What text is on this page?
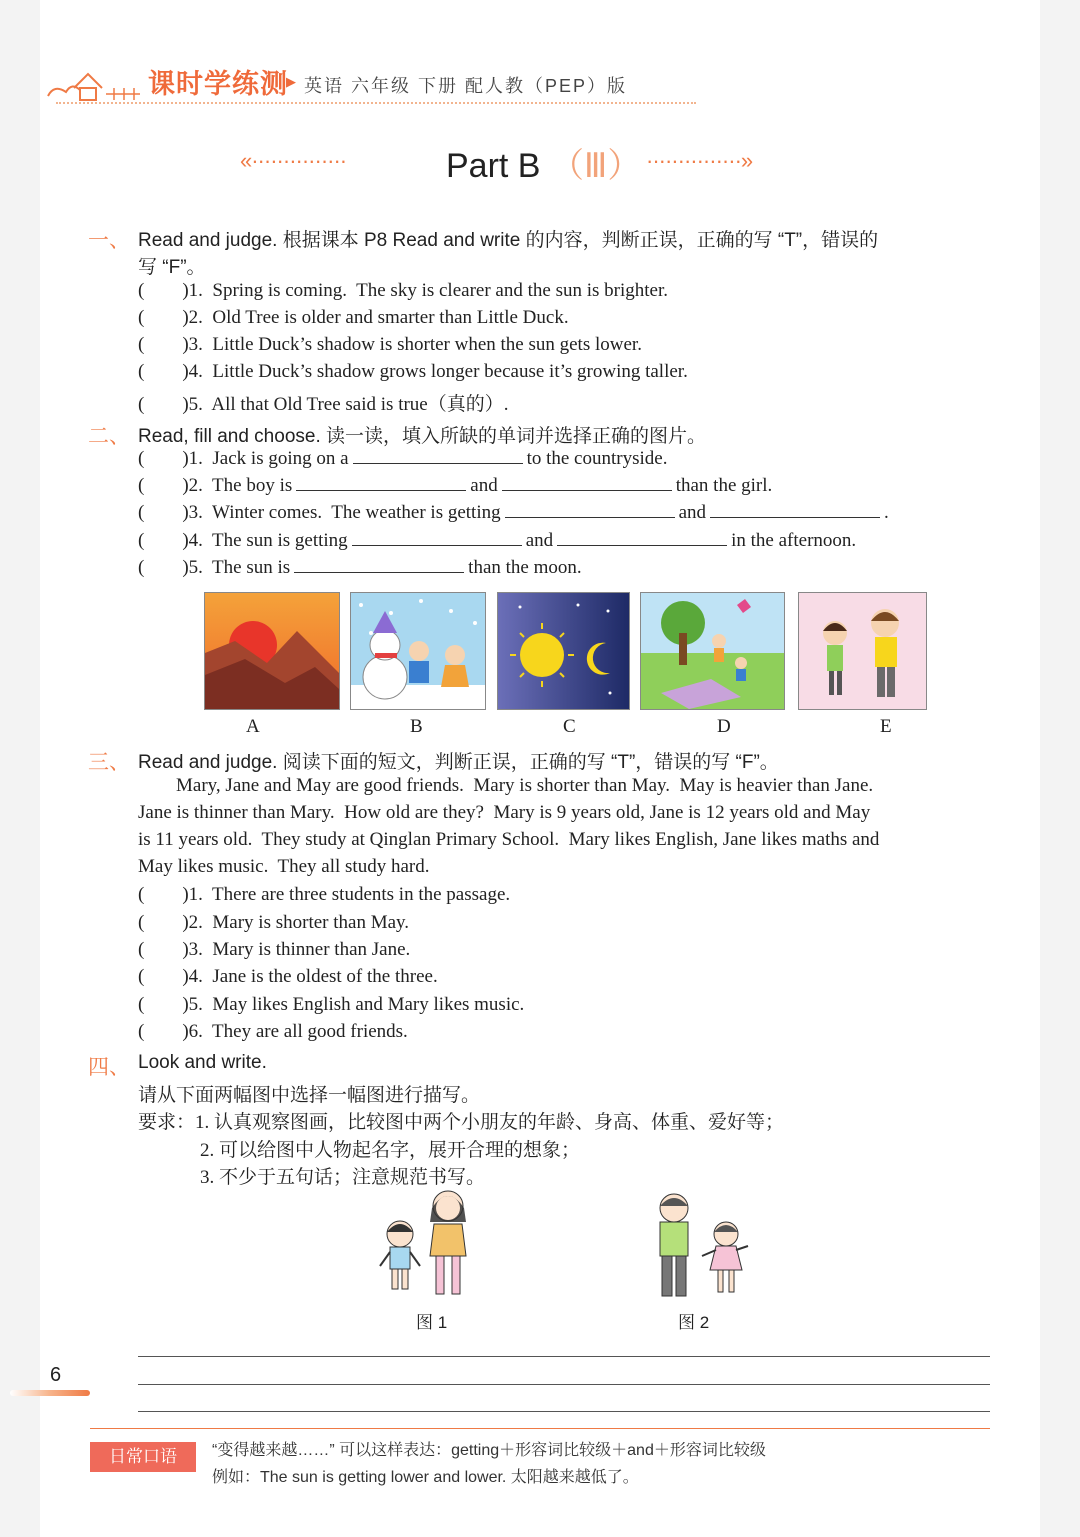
课时学练测
▶ 英语 六年级 下册 配人教（PEP）版
«···············	Part B （Ⅲ） ···············»
一、 Read and judge. 根据课本 P8 Read and write 的内容，判断正误，正确的写 “T”，错误的
写 “F”。
(        )1.  Spring is coming.  The sky is clearer and the sun is brighter.
(        )2.  Old Tree is older and smarter than Little Duck.
(        )3.  Little Duck’s shadow is shorter when the sun gets lower.
(        )4.  Little Duck’s shadow grows longer because it’s growing taller.
(        )5.  All that Old Tree said is true（真的）.
二、 Read, fill and choose. 读一读，填入所缺的单词并选择正确的图片。
(        )1.  Jack is going on a	to the countryside.
(        )2.  The boy is	and	than the girl.
(        )3.  Winter comes.  The weather is getting	and	.
(        )4.  The sun is getting	and	in the afternoon.
(        )5.  The sun is	than the moon.
A	B	C	D	E
三、 Read and judge. 阅读下面的短文，判断正误，正确的写 “T”，错误的写 “F”。
Mary, Jane and May are good friends.  Mary is shorter than May.  May is heavier than Jane.
Jane is thinner than Mary.  How old are they?  Mary is 9 years old, Jane is 12 years old and May
is 11 years old.  They study at Qinglan Primary School.  Mary likes English, Jane likes maths and
May likes music.  They all study hard.
(        )1.  There are three students in the passage.
(        )2.  Mary is shorter than May.
(        )3.  Mary is thinner than Jane.
(        )4.  Jane is the oldest of the three.
(        )5.  May likes English and Mary likes music.
(        )6.  They are all good friends.
四、 Look and write.
请从下面两幅图中选择一幅图进行描写。
要求：1. 认真观察图画，比较图中两个小朋友的年龄、身高、体重、爱好等；
2. 可以给图中人物起名字，展开合理的想象；
3. 不少于五句话；注意规范书写。
图 1	图 2
6
日常口语	“变得越来越……” 可以这样表达：getting＋形容词比较级＋and＋形容词比较级
例如：The sun is getting lower and lower. 太阳越来越低了。
